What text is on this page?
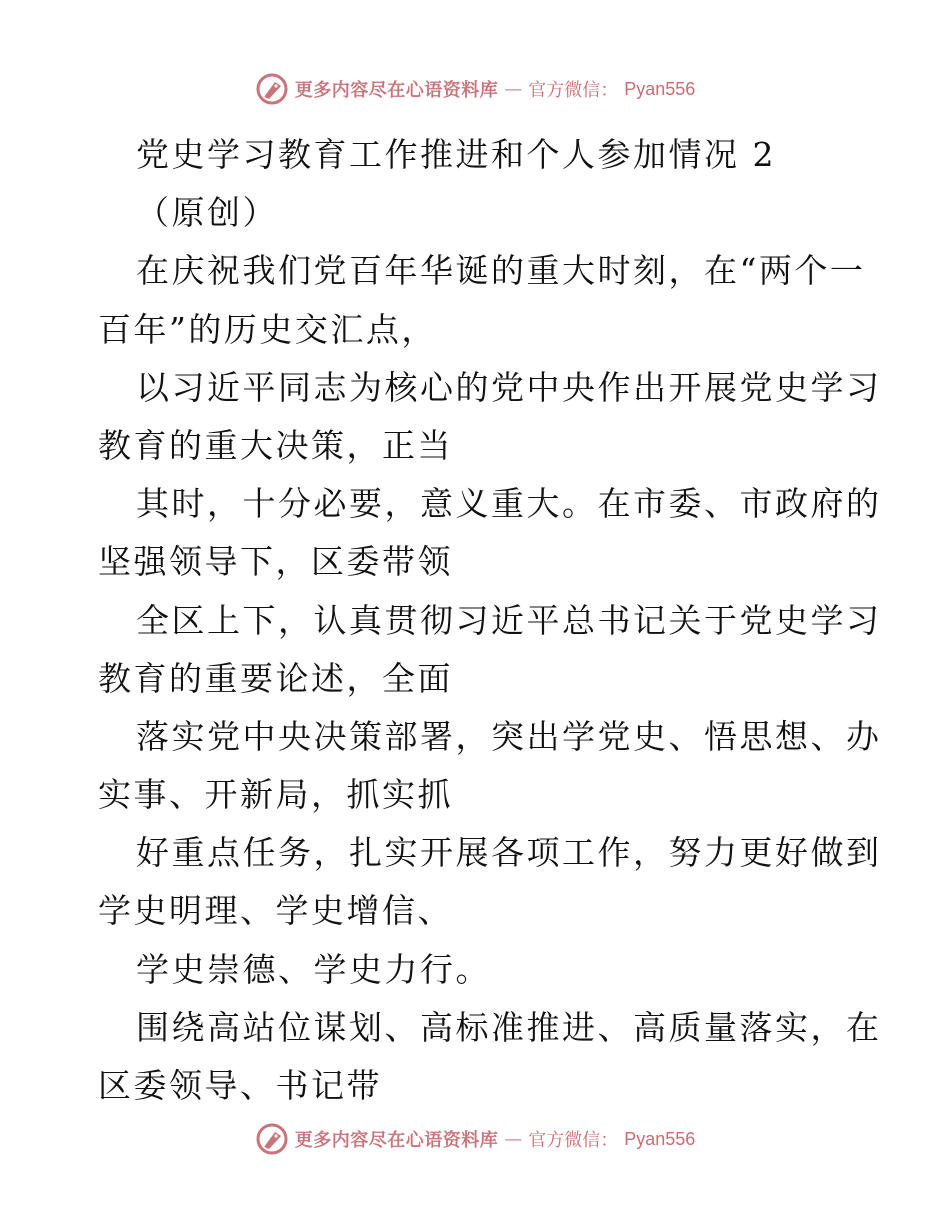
更多内容尽在心语资料库 — 官方微信： Pyan556
党史学习教育工作推进和个人参加情况 2
（原创）
在庆祝我们党百年华诞的重大时刻，在“两个一
百年”的历史交汇点，
以习近平同志为核心的党中央作出开展党史学习
教育的重大决策，正当
其时，十分必要，意义重大。在市委、市政府的
坚强领导下，区委带领
全区上下，认真贯彻习近平总书记关于党史学习
教育的重要论述，全面
落实党中央决策部署，突出学党史、悟思想、办
实事、开新局，抓实抓
好重点任务，扎实开展各项工作，努力更好做到
学史明理、学史增信、
学史崇德、学史力行。
围绕高站位谋划、高标准推进、高质量落实，在
区委领导、书记带
更多内容尽在心语资料库 — 官方微信： Pyan556
